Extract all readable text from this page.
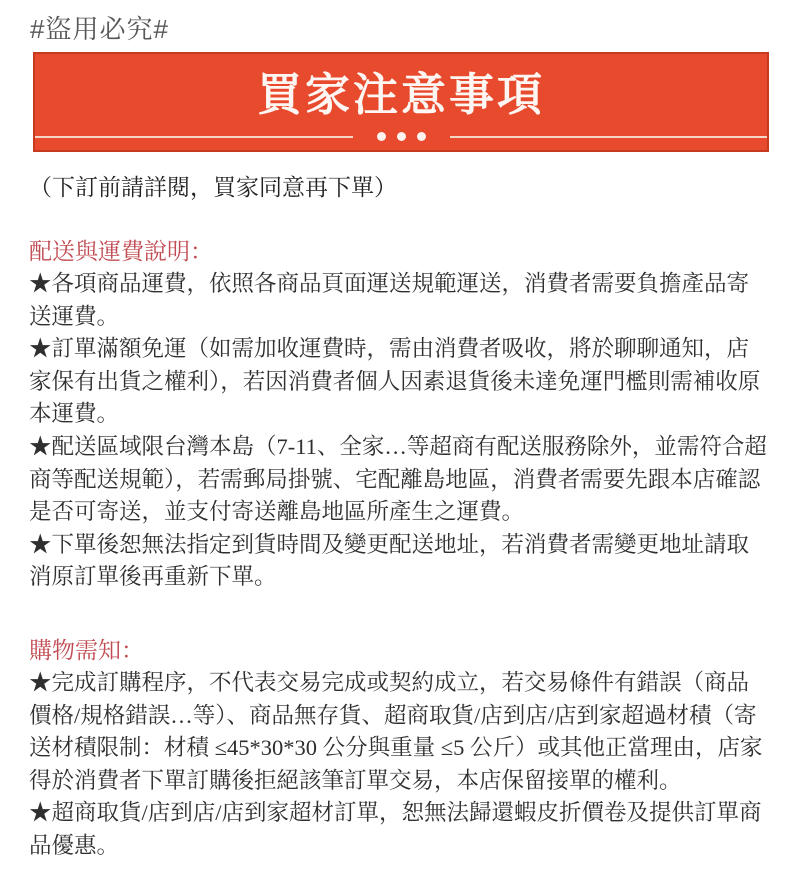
#盜用必究#
買家注意事項

（下訂前請詳閱，買家同意再下單）

配送與運費說明：

★各項商品運費，依照各商品頁面運送規範運送，消費者需要負擔產品寄送運費。

★訂單滿額免運（如需加收運費時，需由消費者吸收，將於聊聊通知，店家保有出貨之權利），若因消費者個人因素退貨後未達免運門檻則需補收原本運費。

★配送區域限台灣本島（7-11、全家…等超商有配送服務除外，並需符合超商等配送規範），若需郵局掛號、宅配離島地區，消費者需要先跟本店確認是否可寄送，並支付寄送離島地區所產生之運費。

★下單後恕無法指定到貨時間及變更配送地址，若消費者需變更地址請取消原訂單後再重新下單。

購物需知：

★完成訂購程序，不代表交易完成或契約成立，若交易條件有錯誤（商品價格/規格錯誤…等）、商品無存貨、超商取貨/店到店/店到家超過材積（寄送材積限制：材積 ≤45*30*30 公分與重量 ≤5 公斤）或其他正當理由，店家得於消費者下單訂購後拒絕該筆訂單交易，本店保留接單的權利。

★超商取貨/店到店/店到家超材訂單，恕無法歸還蝦皮折價卷及提供訂單商品優惠。
